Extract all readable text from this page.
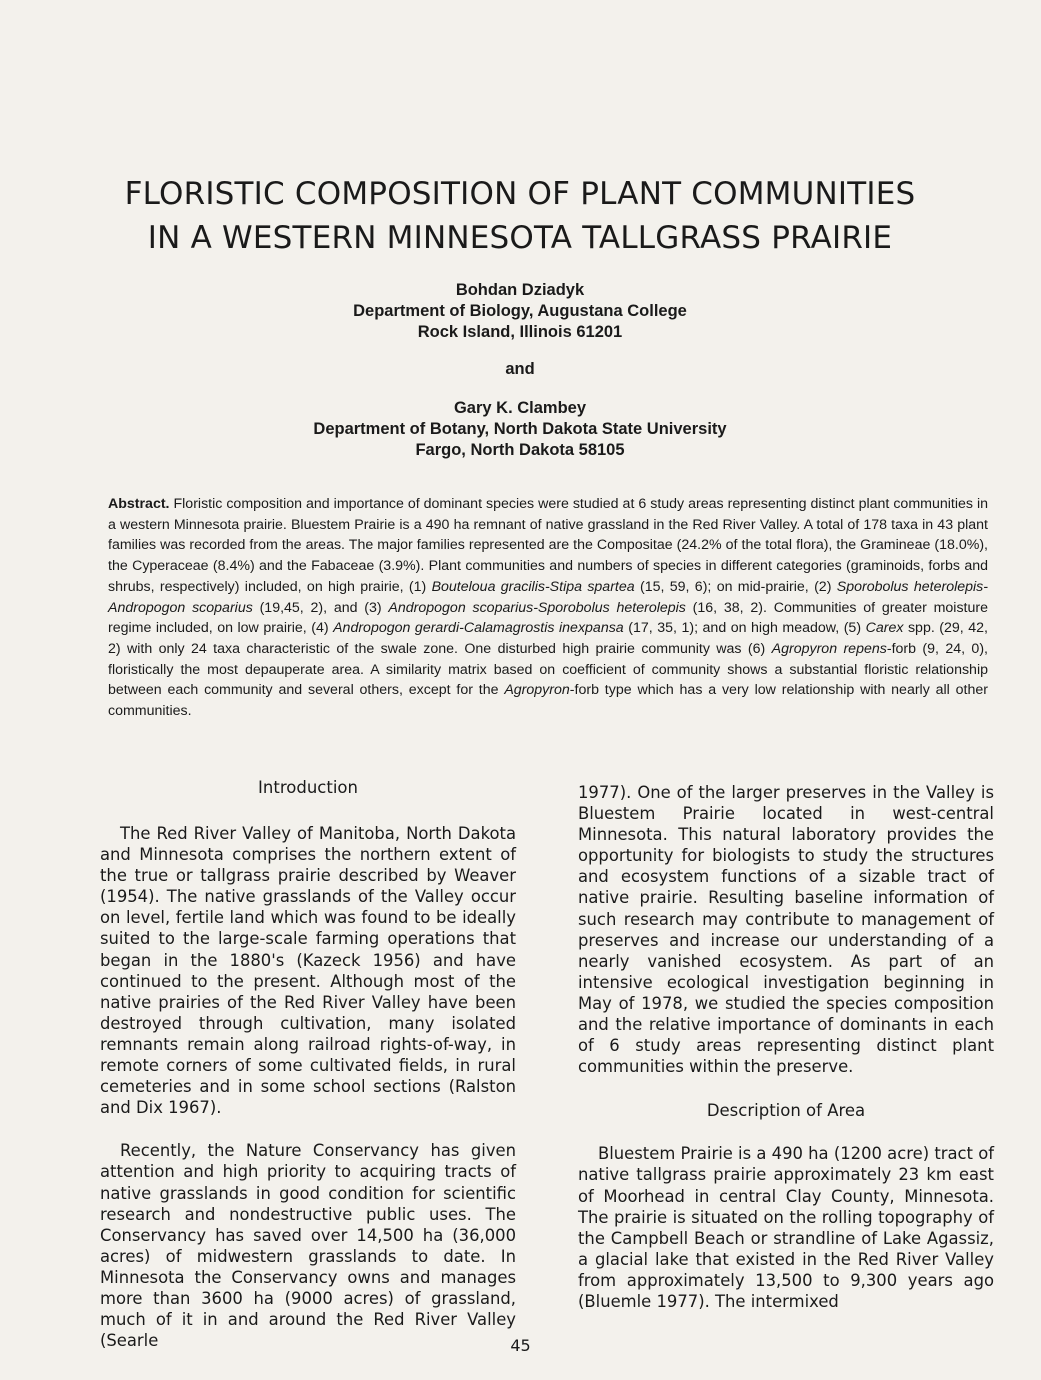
FLORISTIC COMPOSITION OF PLANT COMMUNITIES
IN A WESTERN MINNESOTA TALLGRASS PRAIRIE
Bohdan Dziadyk
Department of Biology, Augustana College
Rock Island, Illinois 61201
and
Gary K. Clambey
Department of Botany, North Dakota State University
Fargo, North Dakota 58105
Abstract. Floristic composition and importance of dominant species were studied at 6 study areas representing distinct plant communities in a western Minnesota prairie. Bluestem Prairie is a 490 ha remnant of native grassland in the Red River Valley. A total of 178 taxa in 43 plant families was recorded from the areas. The major families represented are the Compositae (24.2% of the total flora), the Gramineae (18.0%), the Cyperaceae (8.4%) and the Fabaceae (3.9%). Plant communities and numbers of species in different categories (graminoids, forbs and shrubs, respectively) included, on high prairie, (1) Bouteloua gracilis-Stipa spartea (15, 59, 6); on mid-prairie, (2) Sporobolus heterolepis-Andropogon scoparius (19,45, 2), and (3) Andropogon scoparius-Sporobolus heterolepis (16, 38, 2). Communities of greater moisture regime included, on low prairie, (4) Andropogon gerardi-Calamagrostis inexpansa (17, 35, 1); and on high meadow, (5) Carex spp. (29, 42, 2) with only 24 taxa characteristic of the swale zone. One disturbed high prairie community was (6) Agropyron repens-forb (9, 24, 0), floristically the most depauperate area. A similarity matrix based on coefficient of community shows a substantial floristic relationship between each community and several others, except for the Agropyron-forb type which has a very low relationship with nearly all other communities.
Introduction

The Red River Valley of Manitoba, North Dakota and Minnesota comprises the northern extent of the true or tallgrass prairie described by Weaver (1954). The native grasslands of the Valley occur on level, fertile land which was found to be ideally suited to the large-scale farming operations that began in the 1880's (Kazeck 1956) and have continued to the present. Although most of the native prairies of the Red River Valley have been destroyed through cultivation, many isolated remnants remain along railroad rights-of-way, in remote corners of some cultivated fields, in rural cemeteries and in some school sections (Ralston and Dix 1967).

Recently, the Nature Conservancy has given attention and high priority to acquiring tracts of native grasslands in good condition for scientific research and nondestructive public uses. The Conservancy has saved over 14,500 ha (36,000 acres) of midwestern grasslands to date. In Minnesota the Conservancy owns and manages more than 3600 ha (9000 acres) of grassland, much of it in and around the Red River Valley (Searle

1977). One of the larger preserves in the Valley is Bluestem Prairie located in west-central Minnesota. This natural laboratory provides the opportunity for biologists to study the structures and ecosystem functions of a sizable tract of native prairie. Resulting baseline information of such research may contribute to management of preserves and increase our understanding of a nearly vanished ecosystem. As part of an intensive ecological investigation beginning in May of 1978, we studied the species composition and the relative importance of dominants in each of 6 study areas representing distinct plant communities within the preserve.

Description of Area

Bluestem Prairie is a 490 ha (1200 acre) tract of native tallgrass prairie approximately 23 km east of Moorhead in central Clay County, Minnesota. The prairie is situated on the rolling topography of the Campbell Beach or strandline of Lake Agassiz, a glacial lake that existed in the Red River Valley from approximately 13,500 to 9,300 years ago (Bluemle 1977). The intermixed

45
